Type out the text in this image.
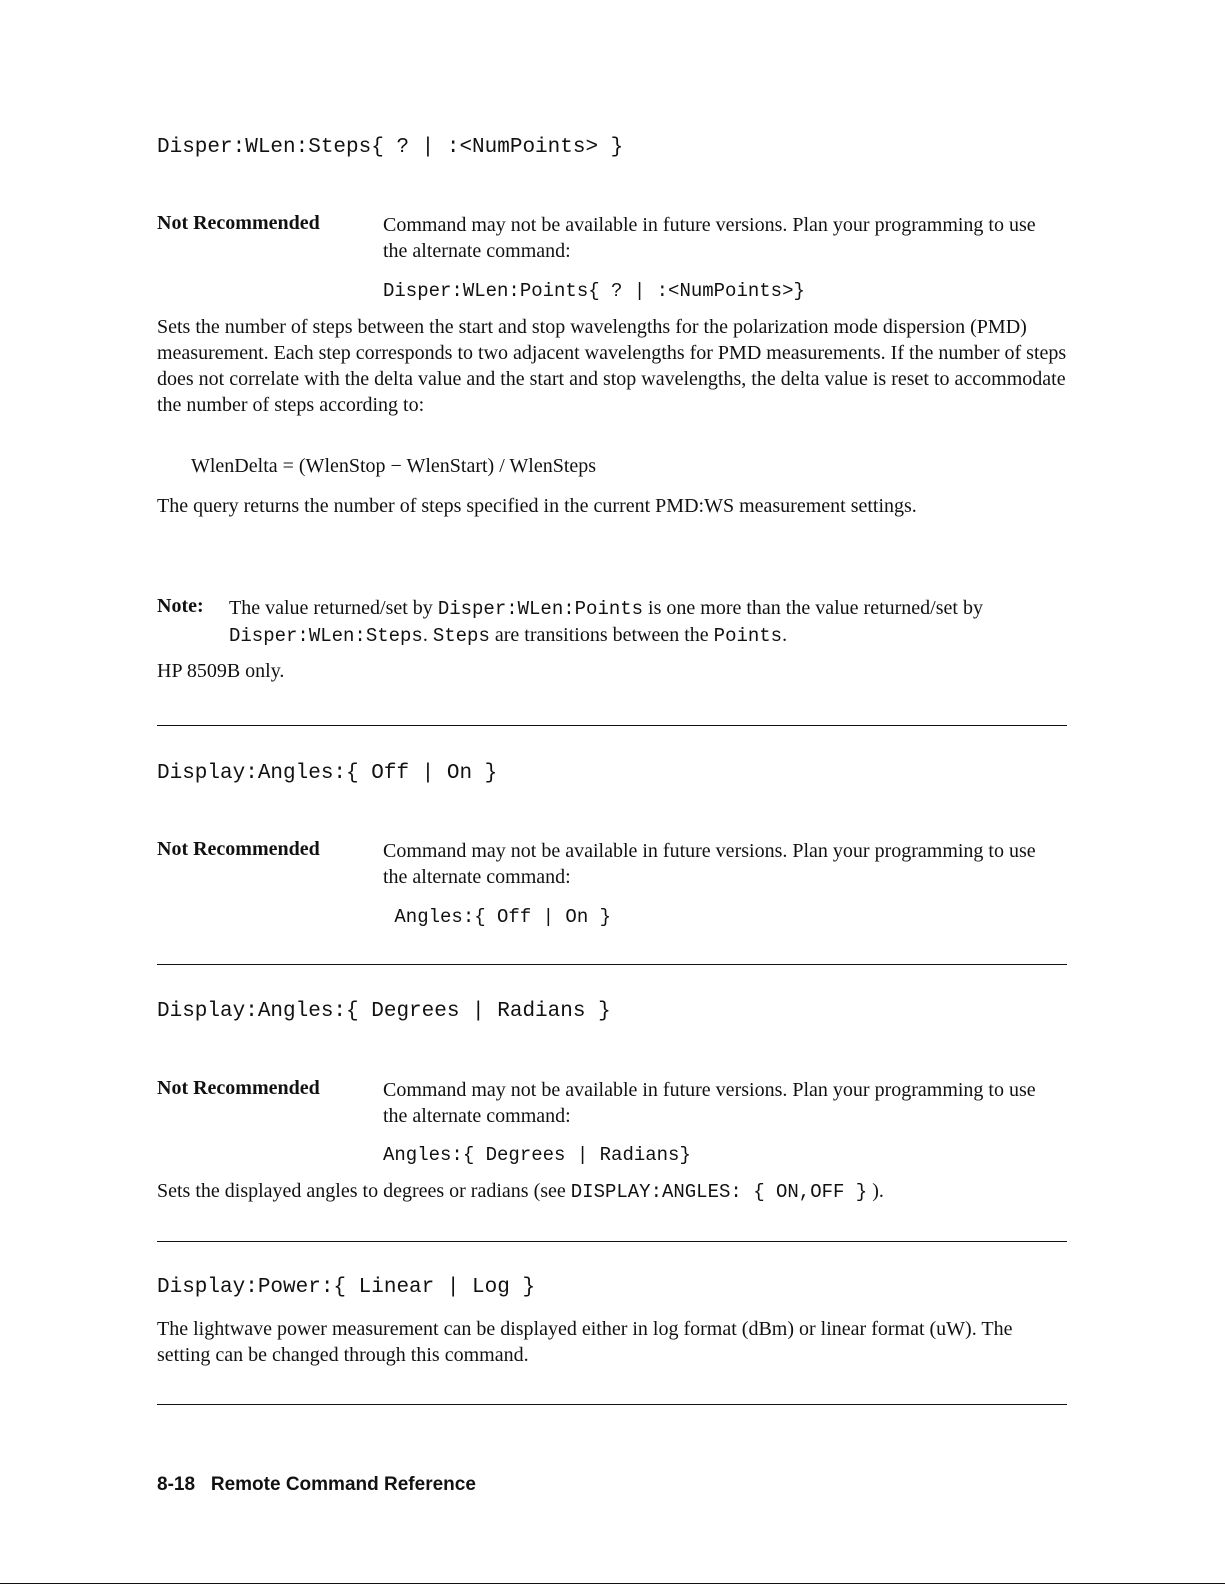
Disper:WLen:Steps{ ? | :<NumPoints> }
Not Recommended	Command may not be available in future versions. Plan your programming to use the alternate command:
Disper:WLen:Points{ ? | :<NumPoints>}
Sets the number of steps between the start and stop wavelengths for the polarization mode dispersion (PMD) measurement. Each step corresponds to two adjacent wavelengths for PMD measurements. If the number of steps does not correlate with the delta value and the start and stop wavelengths, the delta value is reset to accommodate the number of steps according to:
WlenDelta = (WlenStop − WlenStart) / WlenSteps
The query returns the number of steps specified in the current PMD:WS measurement settings.
Note: The value returned/set by Disper:WLen:Points is one more than the value returned/set by Disper:WLen:Steps. Steps are transitions between the Points.
HP 8509B only.
Display:Angles:{ Off | On }
Not Recommended	Command may not be available in future versions. Plan your programming to use the alternate command:
Angles:{ Off | On }
Display:Angles:{ Degrees | Radians }
Not Recommended	Command may not be available in future versions. Plan your programming to use the alternate command:
Angles:{ Degrees | Radians}
Sets the displayed angles to degrees or radians (see DISPLAY:ANGLES: { ON,OFF } ).
Display:Power:{ Linear | Log }
The lightwave power measurement can be displayed either in log format (dBm) or linear format (uW). The setting can be changed through this command.
8-18 Remote Command Reference
